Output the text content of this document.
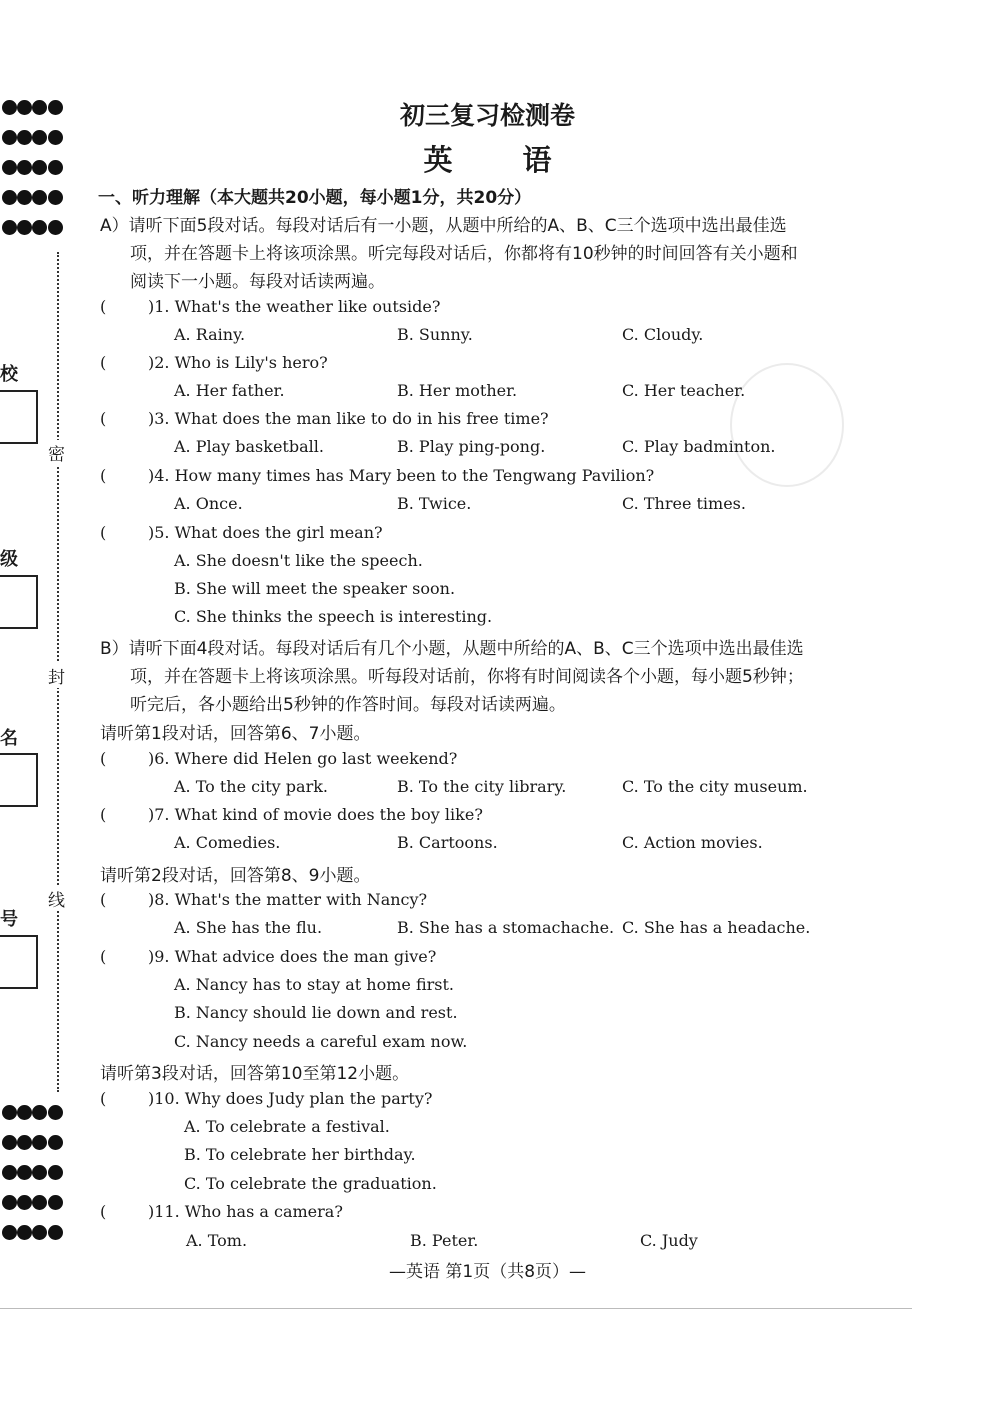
密
封
线
校
级
名
号
初三复习检测卷
英 语
一、听力理解（本大题共20小题，每小题1分，共20分）
A）请听下面5段对话。每段对话后有一小题，从题中所给的A、B、C三个选项中选出最佳选
项，并在答题卡上将该项涂黑。听完每段对话后，你都将有10秒钟的时间回答有关小题和
阅读下一小题。每段对话读两遍。
(	)1. What's the weather like outside?
A. Rainy.	B. Sunny.	C. Cloudy.
(	)2. Who is Lily's hero?
A. Her father.	B. Her mother.	C. Her teacher.
(	)3. What does the man like to do in his free time?
A. Play basketball.	B. Play ping-pong.	C. Play badminton.
(	)4. How many times has Mary been to the Tengwang Pavilion?
A. Once.	B. Twice.	C. Three times.
(	)5. What does the girl mean?
A. She doesn't like the speech.
B. She will meet the speaker soon.
C. She thinks the speech is interesting.
B）请听下面4段对话。每段对话后有几个小题，从题中所给的A、B、C三个选项中选出最佳选
项，并在答题卡上将该项涂黑。听每段对话前，你将有时间阅读各个小题，每小题5秒钟；
听完后，各小题给出5秒钟的作答时间。每段对话读两遍。
请听第1段对话，回答第6、7小题。
(	)6. Where did Helen go last weekend?
A. To the city park.	B. To the city library.	C. To the city museum.
(	)7. What kind of movie does the boy like?
A. Comedies.	B. Cartoons.	C. Action movies.
请听第2段对话，回答第8、9小题。
(	)8. What's the matter with Nancy?
A. She has the flu.	B. She has a stomachache. C. She has a headache.
(	)9. What advice does the man give?
A. Nancy has to stay at home first.
B. Nancy should lie down and rest.
C. Nancy needs a careful exam now.
请听第3段对话，回答第10至第12小题。
(	)10. Why does Judy plan the party?
A. To celebrate a festival.
B. To celebrate her birthday.
C. To celebrate the graduation.
(	)11. Who has a camera?
A. Tom.	B. Peter.	C. Judy
—英语 第1页（共8页）—
